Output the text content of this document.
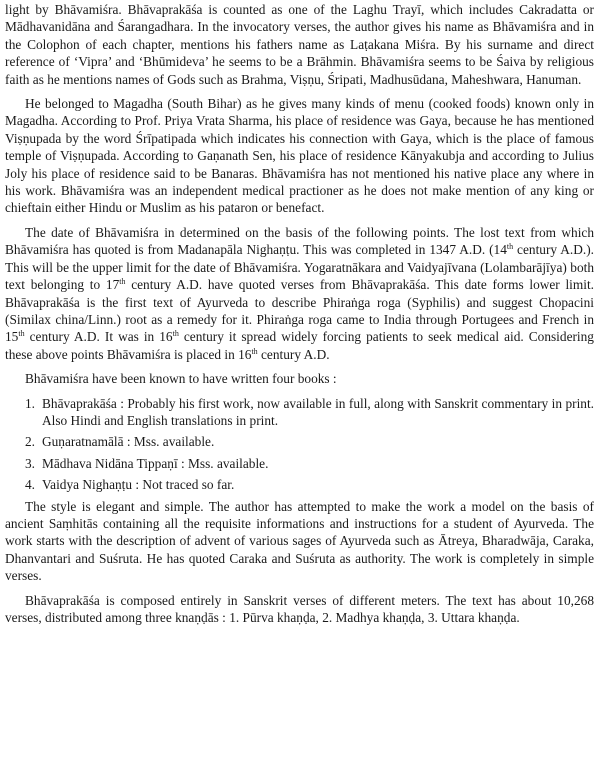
light by Bhāvamiśra. Bhāvaprakāśa is counted as one of the Laghu Trayī, which includes Cakradatta or Mādhavanidāna and Śarangadhara. In the invocatory verses, the author gives his name as Bhāvamiśra and in the Colophon of each chapter, mentions his fathers name as Laṭakana Miśra. By his surname and direct reference of ‘Vipra’ and ‘Bhūmideva’ he seems to be a Brāhmin. Bhāvamiśra seems to be Śaiva by religious faith as he mentions names of Gods such as Brahma, Viṣṇu, Śripati, Madhusūdana, Maheshwara, Hanuman.

He belonged to Magadha (South Bihar) as he gives many kinds of menu (cooked foods) known only in Magadha. According to Prof. Priya Vrata Sharma, his place of residence was Gaya, because he has mentioned Viṣṇupada by the word Śrīpatipada which indicates his connection with Gaya, which is the place of famous temple of Viṣṇupada. According to Gaṇanath Sen, his place of residence Kānyakubja and according to Julius Joly his place of residence said to be Banaras. Bhāvamiśra has not mentioned his native place any where in his work. Bhāvamiśra was an independent medical practioner as he does not make mention of any king or chieftain either Hindu or Muslim as his pataron or benefact.

The date of Bhāvamiśra in determined on the basis of the following points. The lost text from which Bhāvamiśra has quoted is from Madanapāla Nighaṇṭu. This was completed in 1347 A.D. (14th century A.D.). This will be the upper limit for the date of Bhāvamiśra. Yogaratnākara and Vaidyajīvana (Lolambarājīya) both text belonging to 17th century A.D. have quoted verses from Bhāvaprakāśa. This date forms lower limit. Bhāvaprakāśa is the first text of Ayurveda to describe Phiraṅga roga (Syphilis) and suggest Chopacini (Similax china/Linn.) root as a remedy for it. Phiraṅga roga came to India through Portugees and French in 15th century A.D. It was in 16th century it spread widely forcing patients to seek medical aid. Considering these above points Bhāvamiśra is placed in 16th century A.D.

Bhāvamiśra have been known to have written four books :

1. Bhāvaprakāśa : Probably his first work, now available in full, along with Sanskrit commentary in print. Also Hindi and English translations in print.
2. Guṇaratnamālā : Mss. available.
3. Mādhava Nidāna Tippaṇī : Mss. available.
4. Vaidya Nighaṇṭu : Not traced so far.

The style is elegant and simple. The author has attempted to make the work a model on the basis of ancient Saṃhitās containing all the requisite informations and instructions for a student of Ayurveda. The work starts with the description of advent of various sages of Ayurveda such as Ātreya, Bharadwāja, Caraka, Dhanvantari and Suśruta. He has quoted Caraka and Suśruta as authority. The work is completely in simple verses.

Bhāvaprakāśa is composed entirely in Sanskrit verses of different meters. The text has about 10,268 verses, distributed among three knaṇḍās : 1. Pūrva khaṇḍa, 2. Madhya khaṇḍa, 3. Uttara khaṇḍa.
